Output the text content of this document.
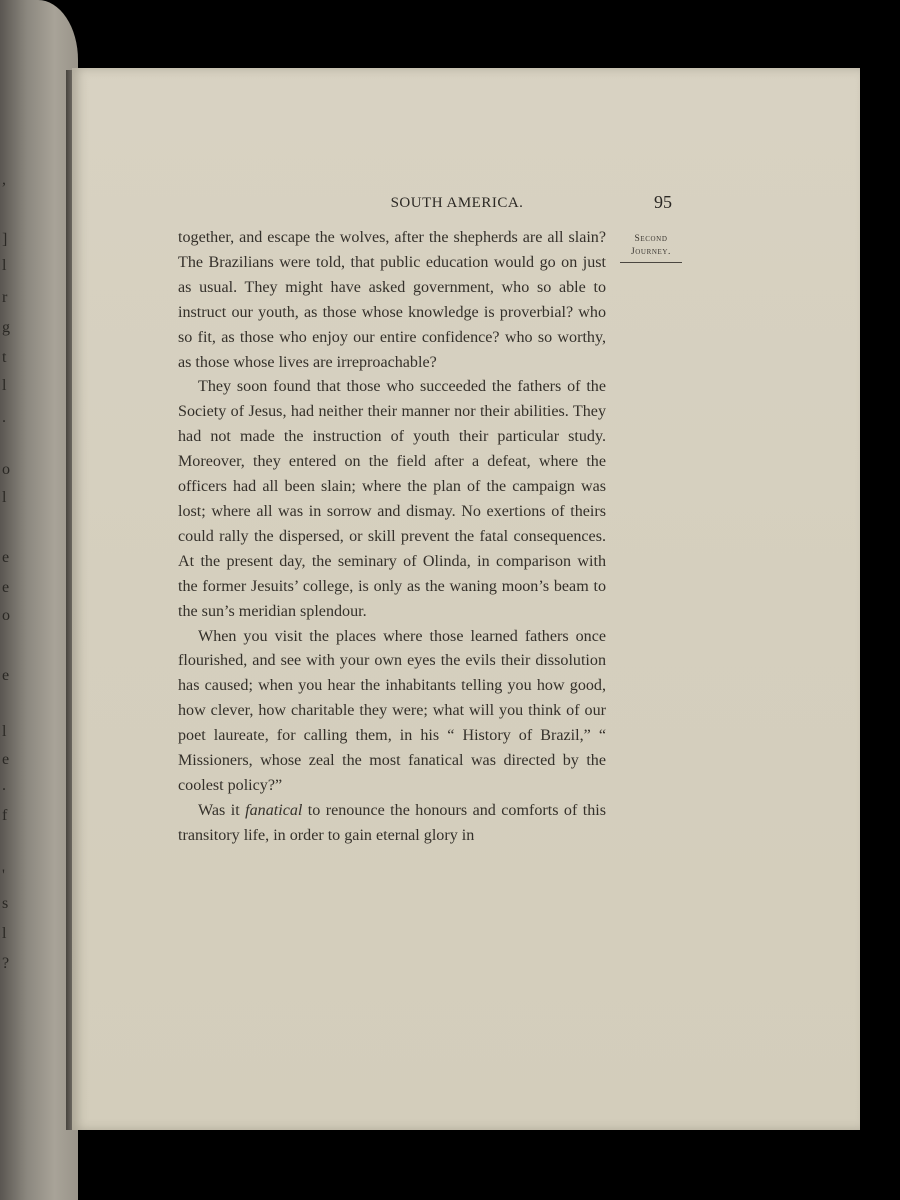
,
]
l
r
g
t
l
.
o
l
e
e
o
e
l
e
.
f
'
s
l
?
SOUTH AMERICA.	95
Second
Journey.

together, and escape the wolves, after the shepherds are all slain? The Brazilians were told, that public education would go on just as usual. They might have asked government, who so able to instruct our youth, as those whose knowledge is proverbial? who so fit, as those who enjoy our entire confidence? who so worthy, as those whose lives are irreproachable?

They soon found that those who succeeded the fathers of the Society of Jesus, had neither their manner nor their abilities. They had not made the instruction of youth their particular study. Moreover, they entered on the field after a defeat, where the officers had all been slain; where the plan of the campaign was lost; where all was in sorrow and dismay. No exertions of theirs could rally the dispersed, or skill prevent the fatal consequences. At the present day, the seminary of Olinda, in comparison with the former Jesuits’ college, is only as the waning moon’s beam to the sun’s meridian splendour.

When you visit the places where those learned fathers once flourished, and see with your own eyes the evils their dissolution has caused; when you hear the inhabitants telling you how good, how clever, how charitable they were; what will you think of our poet laureate, for calling them, in his “ History of Brazil,” “ Missioners, whose zeal the most fanatical was directed by the coolest policy?”

Was it fanatical to renounce the honours and comforts of this transitory life, in order to gain eternal glory in
